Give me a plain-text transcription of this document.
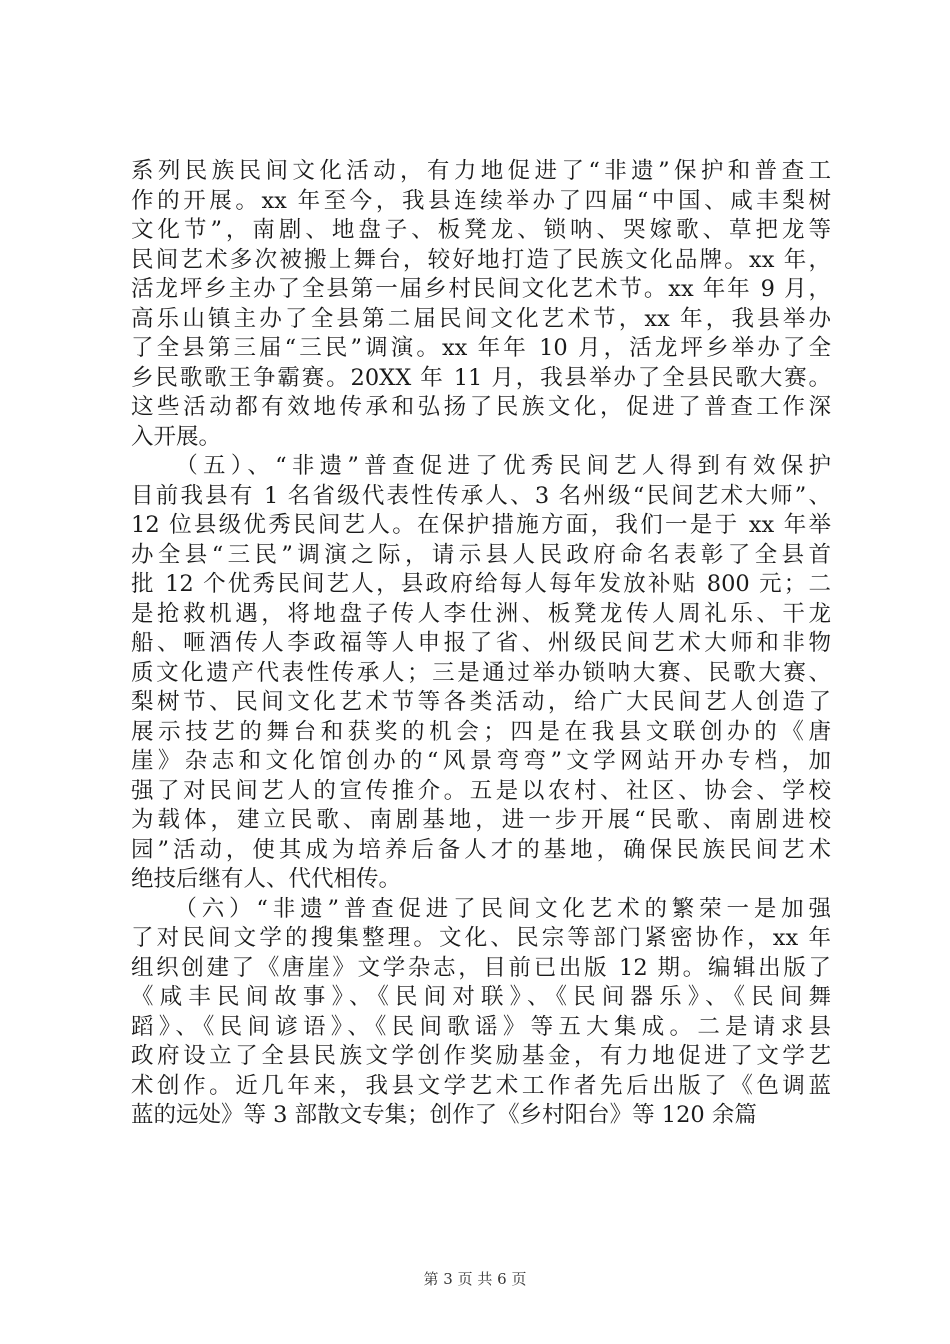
系列民族民间文化活动，有力地促进了“非遗”保护和普查工
作的开展。xx 年至今，我县连续举办了四届“中国、咸丰梨树
文化节”，南剧、地盘子、板凳龙、锁呐、哭嫁歌、草把龙等
民间艺术多次被搬上舞台，较好地打造了民族文化品牌。xx 年，
活龙坪乡主办了全县第一届乡村民间文化艺术节。xx 年年 9 月，
高乐山镇主办了全县第二届民间文化艺术节，xx 年，我县举办
了全县第三届“三民”调演。xx 年年 10 月，活龙坪乡举办了全
乡民歌歌王争霸赛。20XX 年 11 月，我县举办了全县民歌大赛。
这些活动都有效地传承和弘扬了民族文化，促进了普查工作深
入开展。
　　（五）、“非遗”普查促进了优秀民间艺人得到有效保护
目前我县有 1 名省级代表性传承人、3 名州级“民间艺术大师”、
12 位县级优秀民间艺人。在保护措施方面，我们一是于 xx 年举
办全县“三民”调演之际，请示县人民政府命名表彰了全县首
批 12 个优秀民间艺人，县政府给每人每年发放补贴 800 元；二
是抢救机遇，将地盘子传人李仕洲、板凳龙传人周礼乐、干龙
船、咂酒传人李政福等人申报了省、州级民间艺术大师和非物
质文化遗产代表性传承人；三是通过举办锁呐大赛、民歌大赛、
梨树节、民间文化艺术节等各类活动，给广大民间艺人创造了
展示技艺的舞台和获奖的机会；四是在我县文联创办的《唐
崖》杂志和文化馆创办的“风景弯弯”文学网站开办专档，加
强了对民间艺人的宣传推介。五是以农村、社区、协会、学校
为载体，建立民歌、南剧基地，进一步开展“民歌、南剧进校
园”活动，使其成为培养后备人才的基地，确保民族民间艺术
绝技后继有人、代代相传。
　　（六）“非遗”普查促进了民间文化艺术的繁荣一是加强
了对民间文学的搜集整理。文化、民宗等部门紧密协作，xx 年
组织创建了《唐崖》文学杂志，目前已出版 12 期。编辑出版了
《咸丰民间故事》、《民间对联》、《民间器乐》、《民间舞
蹈》、《民间谚语》、《民间歌谣》等五大集成。二是请求县
政府设立了全县民族文学创作奖励基金，有力地促进了文学艺
术创作。近几年来，我县文学艺术工作者先后出版了《色调蓝
蓝的远处》等 3 部散文专集；创作了《乡村阳台》等 120 余篇
第 3 页 共 6 页
